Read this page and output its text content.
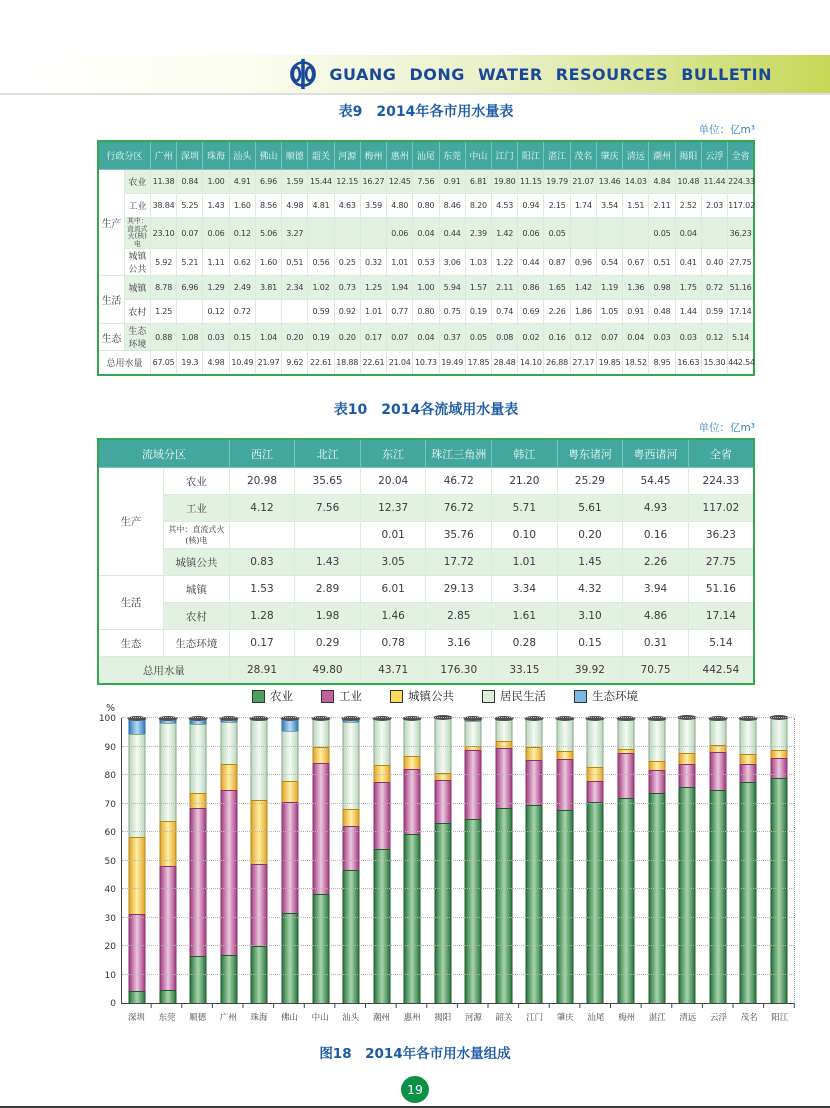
GUANG DONG WATER RESOURCES BULLETIN
表9　2014年各市用水量表
单位：亿m³
行政分区		广州	深圳	珠海	汕头	佛山	顺德	韶关	河源	梅州	惠州	汕尾	东莞	中山	江门	阳江	湛江	茂名	肇庆	清远	潮州	揭阳	云浮	全省
生产	农业	11.38	0.84	1.00	4.91	6.96	1.59	15.44	12.15	16.27	12.45	7.56	0.91	6.81	19.80	11.15	19.79	21.07	13.46	14.03	4.84	10.48	11.44	224.33
	工业	38.84	5.25	1.43	1.60	8.56	4.98	4.81	4.63	3.59	4.80	0.80	8.46	8.20	4.53	0.94	2.15	1.74	3.54	1.51	2.11	2.52	2.03	117.02
	其中：直流式火(核)电	23.10	0.07	0.06	0.12	5.06	3.27				0.06	0.04	0.44	2.39	1.42	0.06	0.05				0.05	0.04		36.23
	城镇公共	5.92	5.21	1.11	0.62	1.60	0.51	0.56	0.25	0.32	1.01	0.53	3.06	1.03	1.22	0.44	0.87	0.96	0.54	0.67	0.51	0.41	0.40	27.75
生活	城镇	8.78	6.96	1.29	2.49	3.81	2.34	1.02	0.73	1.25	1.94	1.00	5.94	1.57	2.11	0.86	1.65	1.42	1.19	1.36	0.98	1.75	0.72	51.16
	农村	1.25		0.12	0.72			0.59	0.92	1.01	0.77	0.80	0.75	0.19	0.74	0.69	2.26	1.86	1.05	0.91	0.48	1.44	0.59	17.14
生态	生态环境	0.88	1.08	0.03	0.15	1.04	0.20	0.19	0.20	0.17	0.07	0.04	0.37	0.05	0.08	0.02	0.16	0.12	0.07	0.04	0.03	0.03	0.12	5.14
总用水量		67.05	19.3	4.98	10.49	21.97	9.62	22.61	18.88	22.61	21.04	10.73	19.49	17.85	28.48	14.10	26.88	27.17	19.85	18.52	8.95	16.63	15.30	442.54
表10　2014各流域用水量表
单位：亿m³
流域分区		西江	北江	东江	珠江三角洲	韩江	粤东诸河	粤西诸河	全省
生产	农业	20.98	35.65	20.04	46.72	21.20	25.29	54.45	224.33
	工业	4.12	7.56	12.37	76.72	5.71	5.61	4.93	117.02
	其中：直流式火(核)电			0.01	35.76	0.10	0.20	0.16	36.23
	城镇公共	0.83	1.43	3.05	17.72	1.01	1.45	2.26	27.75
生活	城镇	1.53	2.89	6.01	29.13	3.34	4.32	3.94	51.16
	农村	1.28	1.98	1.46	2.85	1.61	3.10	4.86	17.14
生态	生态环境	0.17	0.29	0.78	3.16	0.28	0.15	0.31	5.14
总用水量		28.91	49.80	43.71	176.30	33.15	39.92	70.75	442.54
农业	工业	城镇公共	居民生活	生态环境
%
0
10
20
30
40
50
60
70
80
90
100
深圳	东莞	顺德	广州	珠海	佛山	中山	汕头	潮州	惠州	揭阳	河源	韶关	江门	肇庆	汕尾	梅州	湛江	清远	云浮	茂名	阳江
图18　2014年各市用水量组成
19
